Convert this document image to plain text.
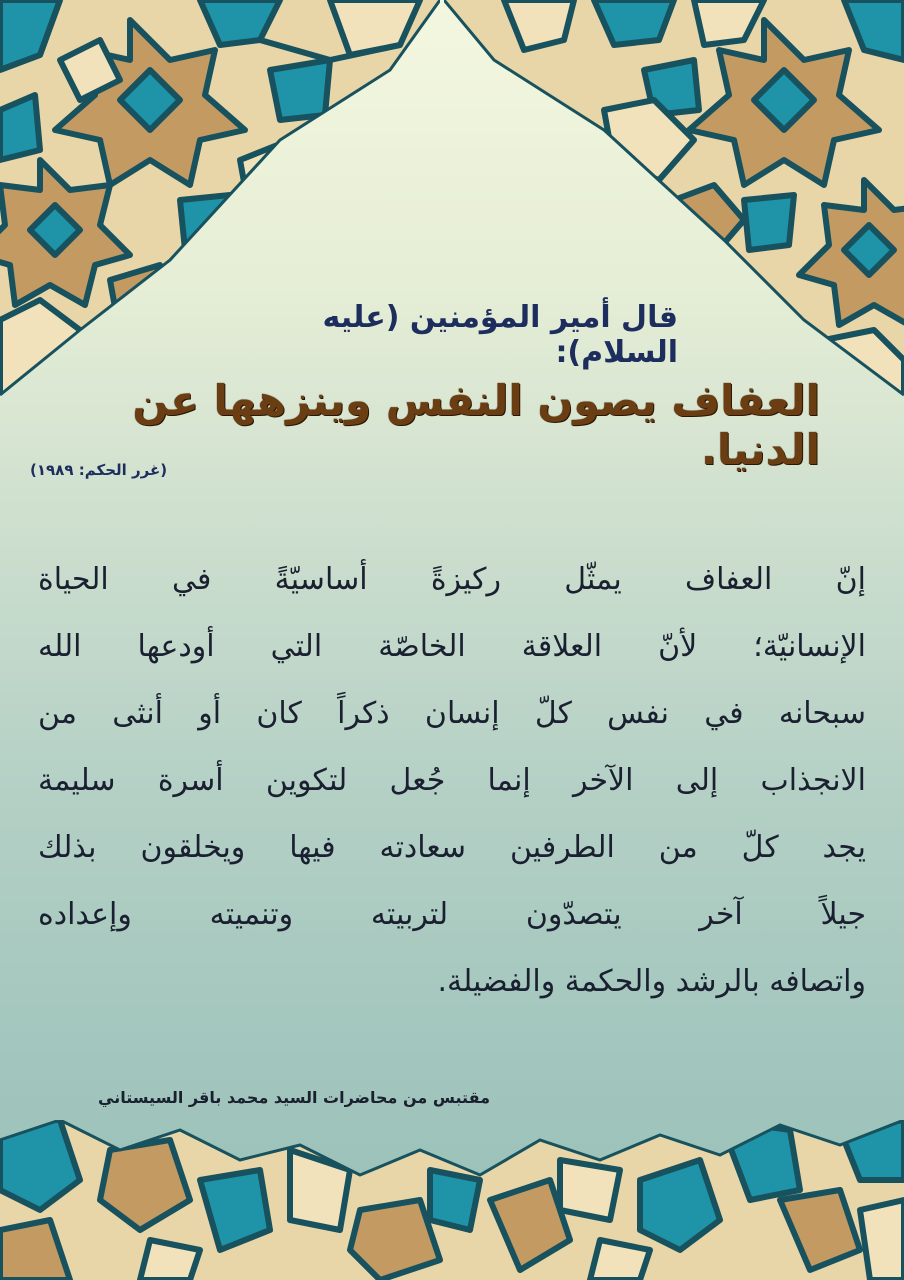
قال أمير المؤمنين (عليه السلام):

العفاف يصون النفس وينزهها عن الدنيا.

(غرر الحكم: ١٩٨٩)

إنّ العفاف يمثّل ركيزةً أساسيّةً في الحياة
الإنسانيّة؛ لأنّ العلاقة الخاصّة التي أودعها الله
سبحانه في نفس كلّ إنسان ذكراً كان أو أنثى من
الانجذاب إلى الآخر إنما جُعل لتكوين أسرة سليمة
يجد كلّ من الطرفين سعادته فيها ويخلقون بذلك
جيلاً آخر يتصدّون لتربيته وتنميته وإعداده
واتصافه بالرشد والحكمة والفضيلة.

مقتبس من محاضرات السيد محمد باقر السيستاني
